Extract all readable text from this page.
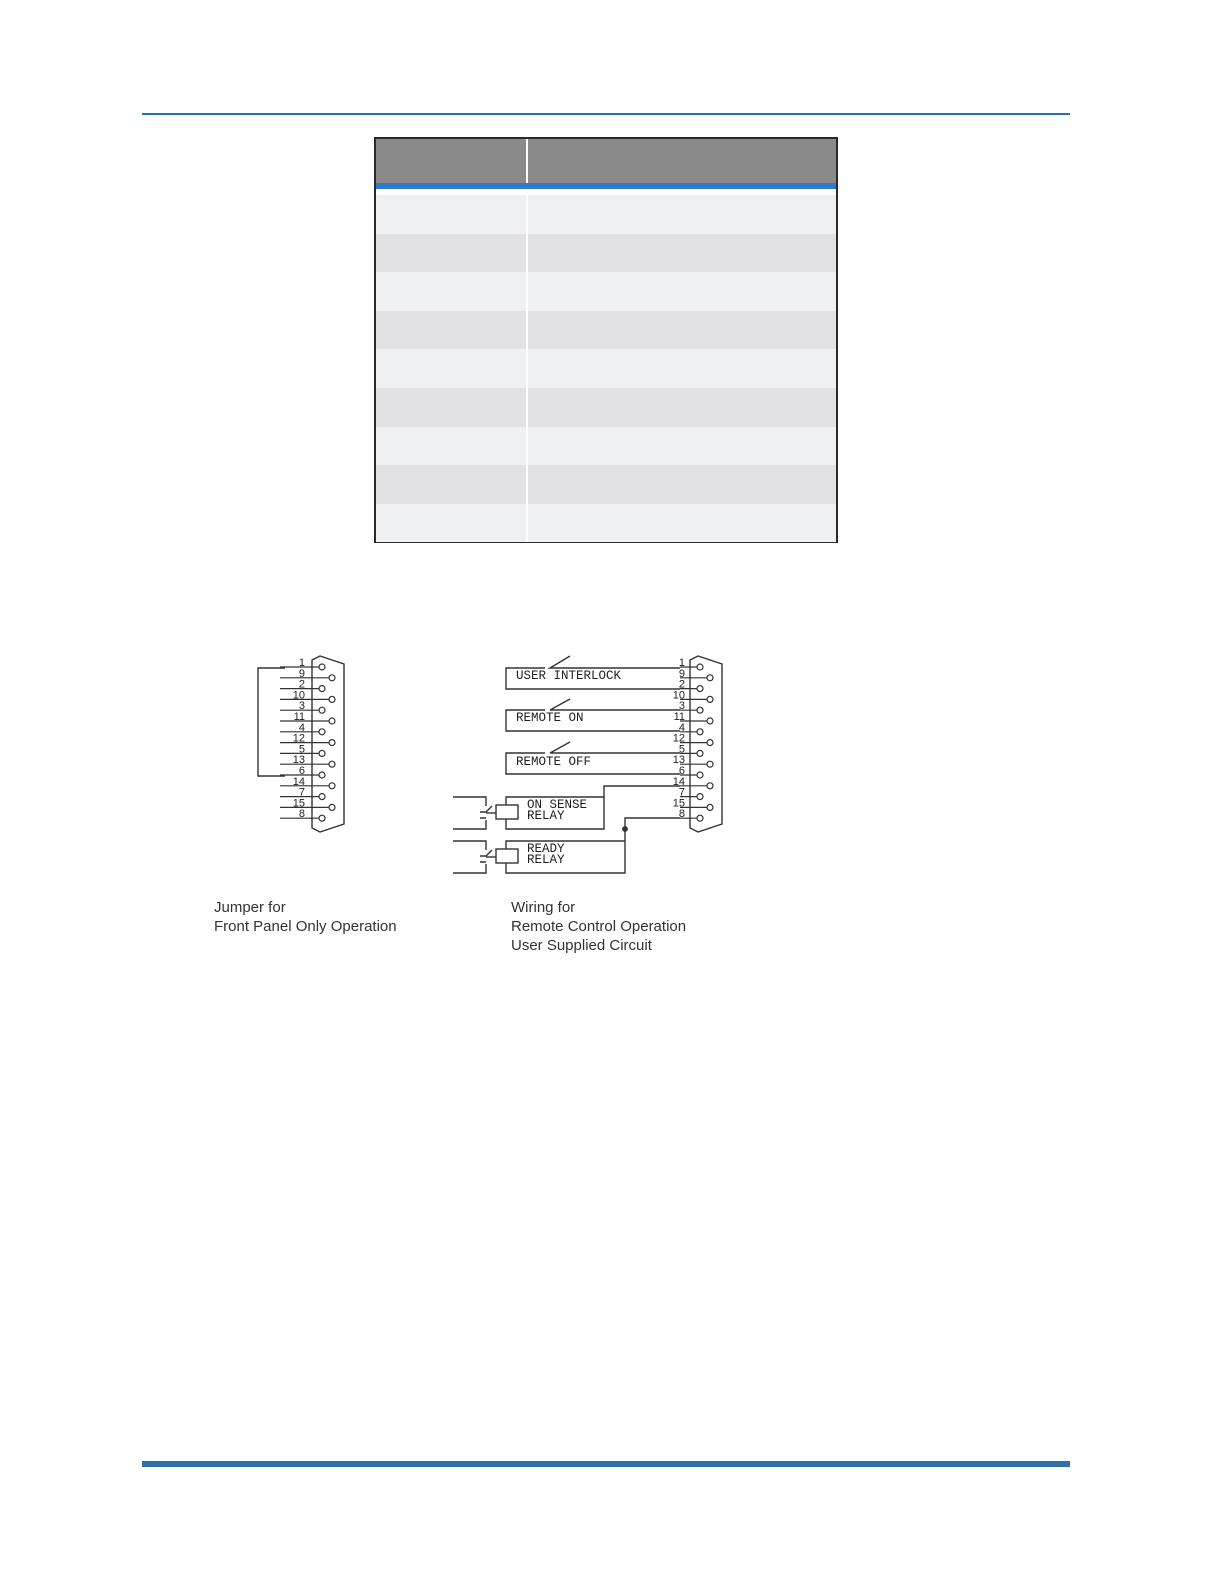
1
9
2
10
3
11
4
12
5
13
6
14
7
15
8
1
9
2
10
3
11
4
12
5
13
6
14
7
15
8
USER INTERLOCK
REMOTE ON
REMOTE OFF
ON SENSE
RELAY
READY
RELAY
Jumper for
Front Panel Only Operation
Wiring for
Remote Control Operation
User Supplied Circuit
